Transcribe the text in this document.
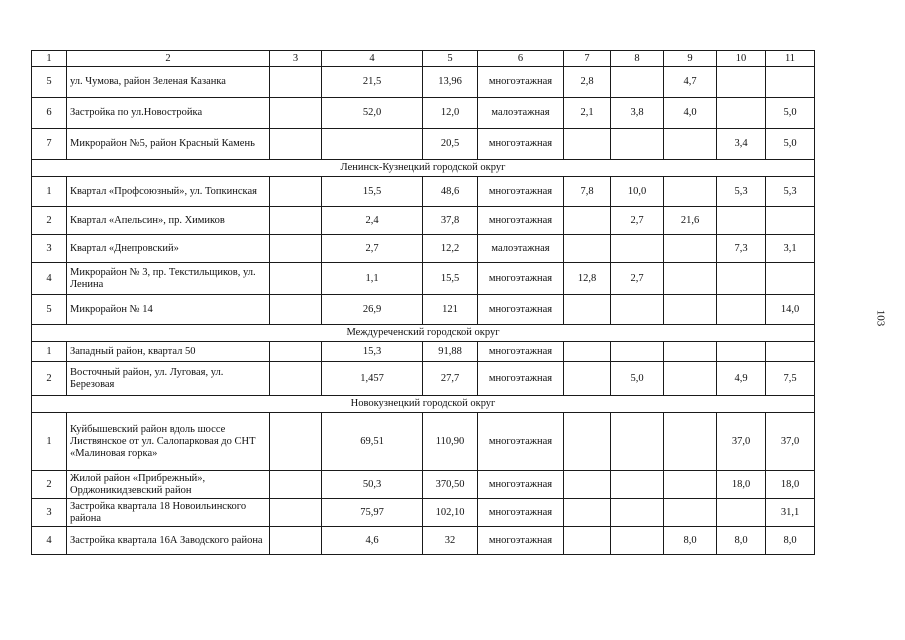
1	2	3	4	5	6	7	8	9	10	11
5	ул. Чумова, район Зеленая Казанка		21,5	13,96	многоэтажная	2,8		4,7		
6	Застройка по ул.Новостройка		52,0	12,0	малоэтажная	2,1	3,8	4,0		5,0
7	Микрорайон №5, район Красный Камень			20,5	многоэтажная				3,4	5,0
Ленинск-Кузнецкий городской округ										
1	Квартал «Профсоюзный», ул. Топкинская		15,5	48,6	многоэтажная	7,8	10,0		5,3	5,3
2	Квартал «Апельсин», пр. Химиков		2,4	37,8	многоэтажная		2,7	21,6		
3	Квартал «Днепровский»		2,7	12,2	малоэтажная				7,3	3,1
4	Микрорайон № 3, пр. Текстильщиков, ул. Ленина		1,1	15,5	многоэтажная	12,8	2,7			
5	Микрорайон № 14		26,9	121	многоэтажная					14,0
Междуреченский городской округ										
1	Западный район, квартал 50		15,3	91,88	многоэтажная					
2	Восточный район, ул. Луговая, ул. Березовая		1,457	27,7	многоэтажная		5,0		4,9	7,5
Новокузнецкий городской округ										
1	Куйбышевский район вдоль шоссе Листвянское от ул. Салопарковая до СНТ «Малиновая горка»		69,51	110,90	многоэтажная				37,0	37,0
2	Жилой район «Прибрежный», Орджоникидзевский район		50,3	370,50	многоэтажная				18,0	18,0
3	Застройка квартала 18 Новоильинского района		75,97	102,10	многоэтажная					31,1
4	Застройка квартала 16А Заводского района		4,6	32	многоэтажная			8,0	8,0	8,0
103
